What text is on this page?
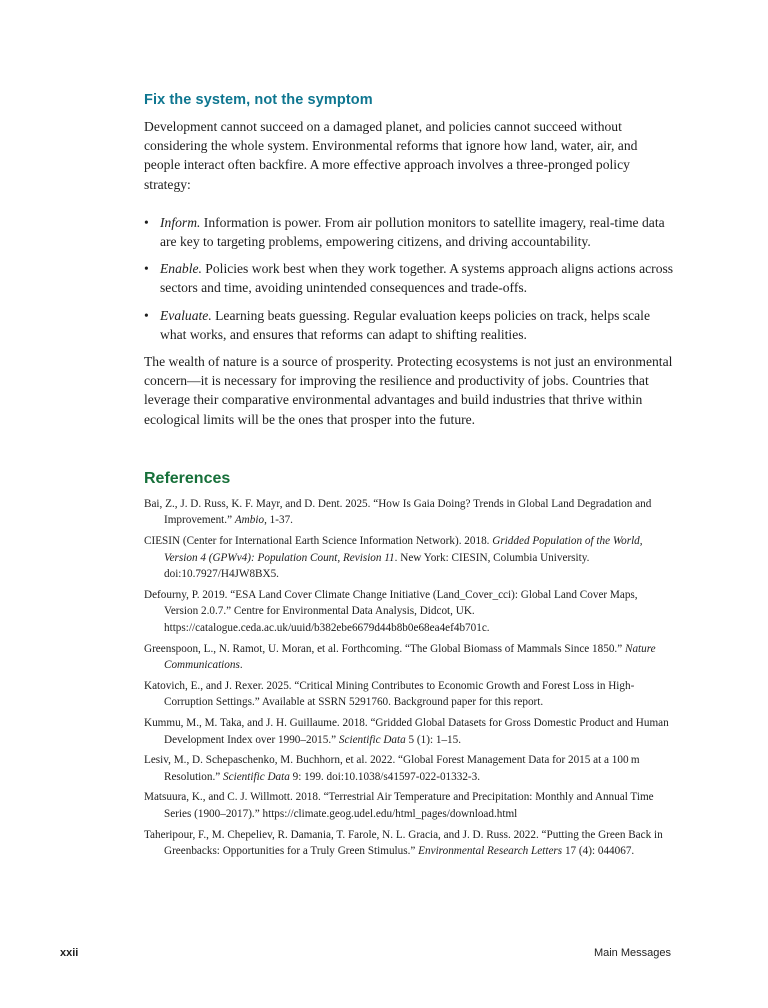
Fix the system, not the symptom

Development cannot succeed on a damaged planet, and policies cannot succeed without considering the whole system. Environmental reforms that ignore how land, water, air, and people interact often backfire. A more effective approach involves a three-pronged policy strategy:

• Inform. Information is power. From air pollution monitors to satellite imagery, real-time data are key to targeting problems, empowering citizens, and driving accountability.
• Enable. Policies work best when they work together. A systems approach aligns actions across sectors and time, avoiding unintended consequences and trade-offs.
• Evaluate. Learning beats guessing. Regular evaluation keeps policies on track, helps scale what works, and ensures that reforms can adapt to shifting realities.

The wealth of nature is a source of prosperity. Protecting ecosystems is not just an environmental concern—it is necessary for improving the resilience and productivity of jobs. Countries that leverage their comparative environmental advantages and build industries that thrive within ecological limits will be the ones that prosper into the future.

References
Bai, Z., J. D. Russ, K. F. Mayr, and D. Dent. 2025. “How Is Gaia Doing? Trends in Global Land Degradation and Improvement.” Ambio, 1-37.
CIESIN (Center for International Earth Science Information Network). 2018. Gridded Population of the World, Version 4 (GPWv4): Population Count, Revision 11. New York: CIESIN, Columbia University. doi:10.7927/H4JW8BX5.
Defourny, P. 2019. “ESA Land Cover Climate Change Initiative (Land_Cover_cci): Global Land Cover Maps, Version 2.0.7.” Centre for Environmental Data Analysis, Didcot, UK. https://catalogue.ceda.ac.uk/uuid/b382ebe6679d44b8b0e68ea4ef4b701c.
Greenspoon, L., N. Ramot, U. Moran, et al. Forthcoming. “The Global Biomass of Mammals Since 1850.” Nature Communications.
Katovich, E., and J. Rexer. 2025. “Critical Mining Contributes to Economic Growth and Forest Loss in High-Corruption Settings.” Available at SSRN 5291760. Background paper for this report.
Kummu, M., M. Taka, and J. H. Guillaume. 2018. “Gridded Global Datasets for Gross Domestic Product and Human Development Index over 1990–2015.” Scientific Data 5 (1): 1–15.
Lesiv, M., D. Schepaschenko, M. Buchhorn, et al. 2022. “Global Forest Management Data for 2015 at a 100 m Resolution.” Scientific Data 9: 199. doi:10.1038/s41597-022-01332-3.
Matsuura, K., and C. J. Willmott. 2018. “Terrestrial Air Temperature and Precipitation: Monthly and Annual Time Series (1900–2017).” https://climate.geog.udel.edu/html_pages/download.html
Taheripour, F., M. Chepeliev, R. Damania, T. Farole, N. L. Gracia, and J. D. Russ. 2022. “Putting the Green Back in Greenbacks: Opportunities for a Truly Green Stimulus.” Environmental Research Letters 17 (4): 044067.
xxii	Main Messages
